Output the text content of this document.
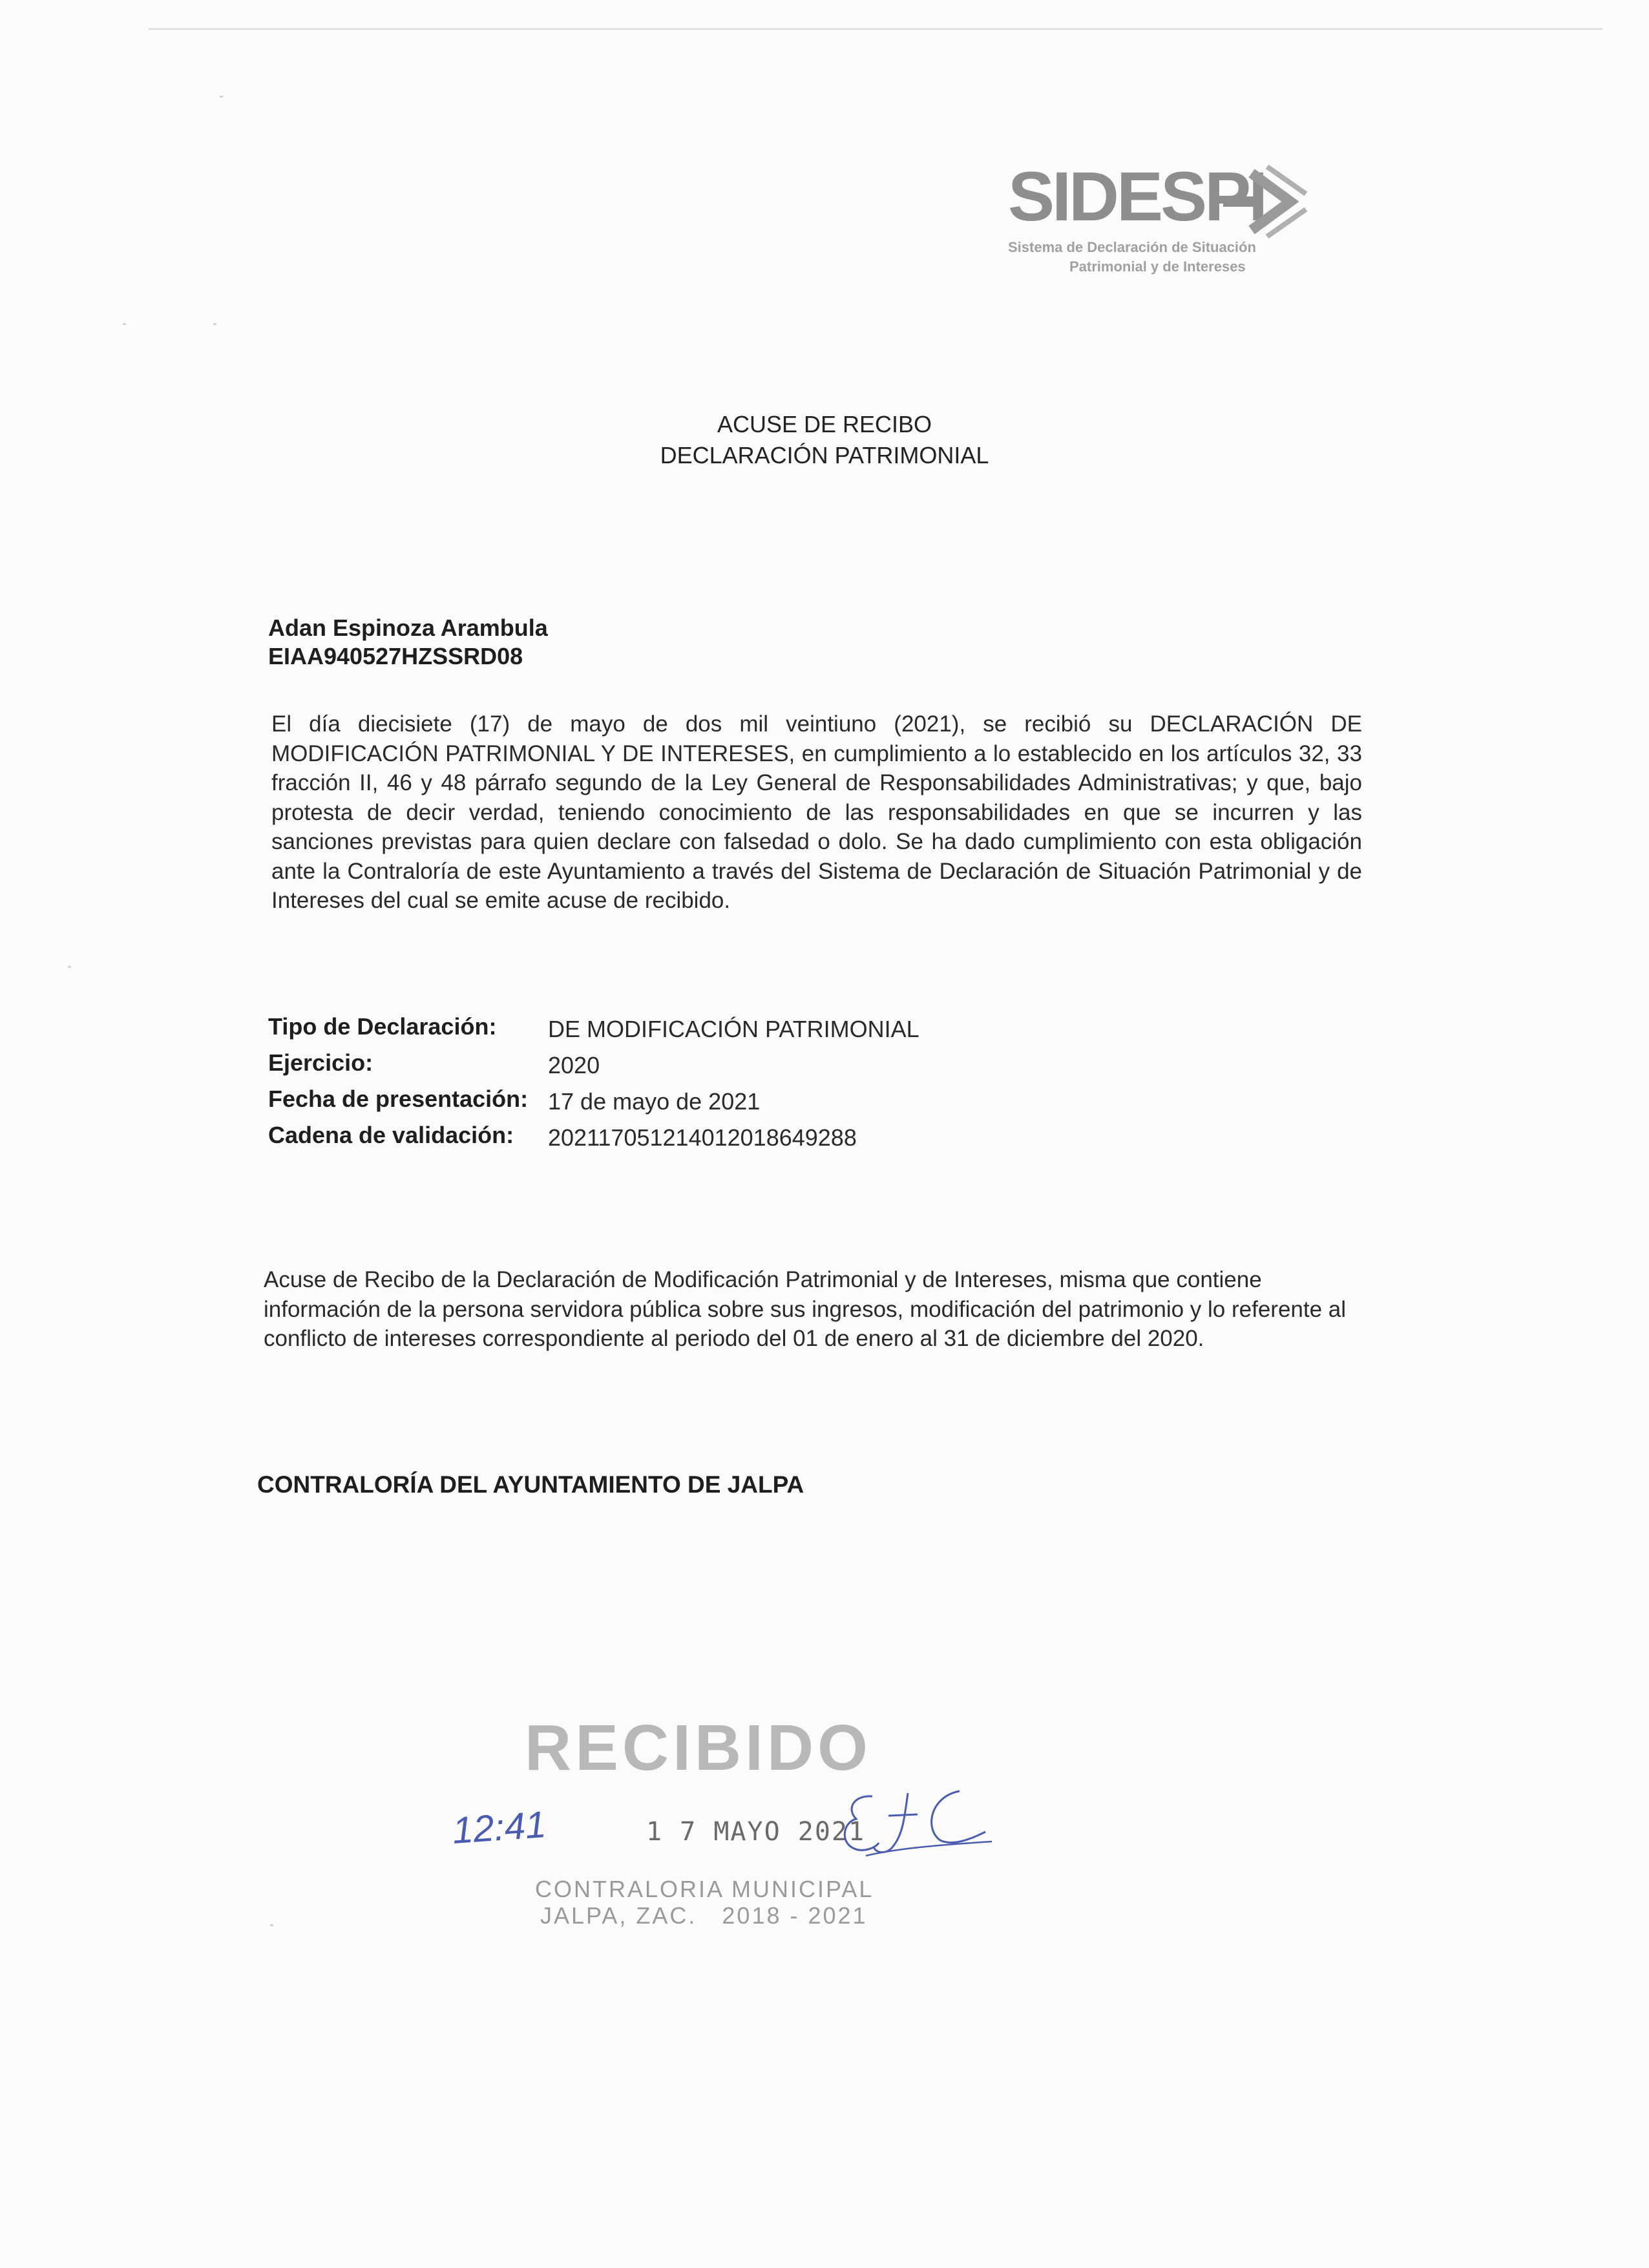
SIDESPI
Sistema de Declaración de Situación
Patrimonial y de Intereses
ACUSE DE RECIBO
DECLARACIÓN PATRIMONIAL
Adan Espinoza Arambula
EIAA940527HZSSRD08
El día diecisiete (17) de mayo de dos mil veintiuno (2021), se recibió su DECLARACIÓN DE MODIFICACIÓN PATRIMONIAL Y DE INTERESES, en cumplimiento a lo establecido en los artículos 32, 33 fracción II, 46 y 48 párrafo segundo de la Ley General de Responsabilidades Administrativas; y que, bajo protesta de decir verdad, teniendo conocimiento de las responsabilidades en que se incurren y las sanciones previstas para quien declare con falsedad o dolo. Se ha dado cumplimiento con esta obligación ante la Contraloría de este Ayuntamiento a través del Sistema de Declaración de Situación Patrimonial y de Intereses del cual se emite acuse de recibido.
Tipo de Declaración: DE MODIFICACIÓN PATRIMONIAL
Ejercicio:	2020
Fecha de presentación: 17 de mayo de 2021
Cadena de validación: 20211705121401201864928​8
Acuse de Recibo de la Declaración de Modificación Patrimonial y de Intereses, misma que contiene información de la persona servidora pública sobre sus ingresos, modificación del patrimonio y lo referente al conflicto de intereses correspondiente al periodo del 01 de enero al 31 de diciembre del 2020.
CONTRALORÍA DEL AYUNTAMIENTO DE JALPA
RECIBIDO
12:41	1 7 MAYO 2021
CONTRALORIA MUNICIPAL
JALPA, ZAC.   2018 - 2021
